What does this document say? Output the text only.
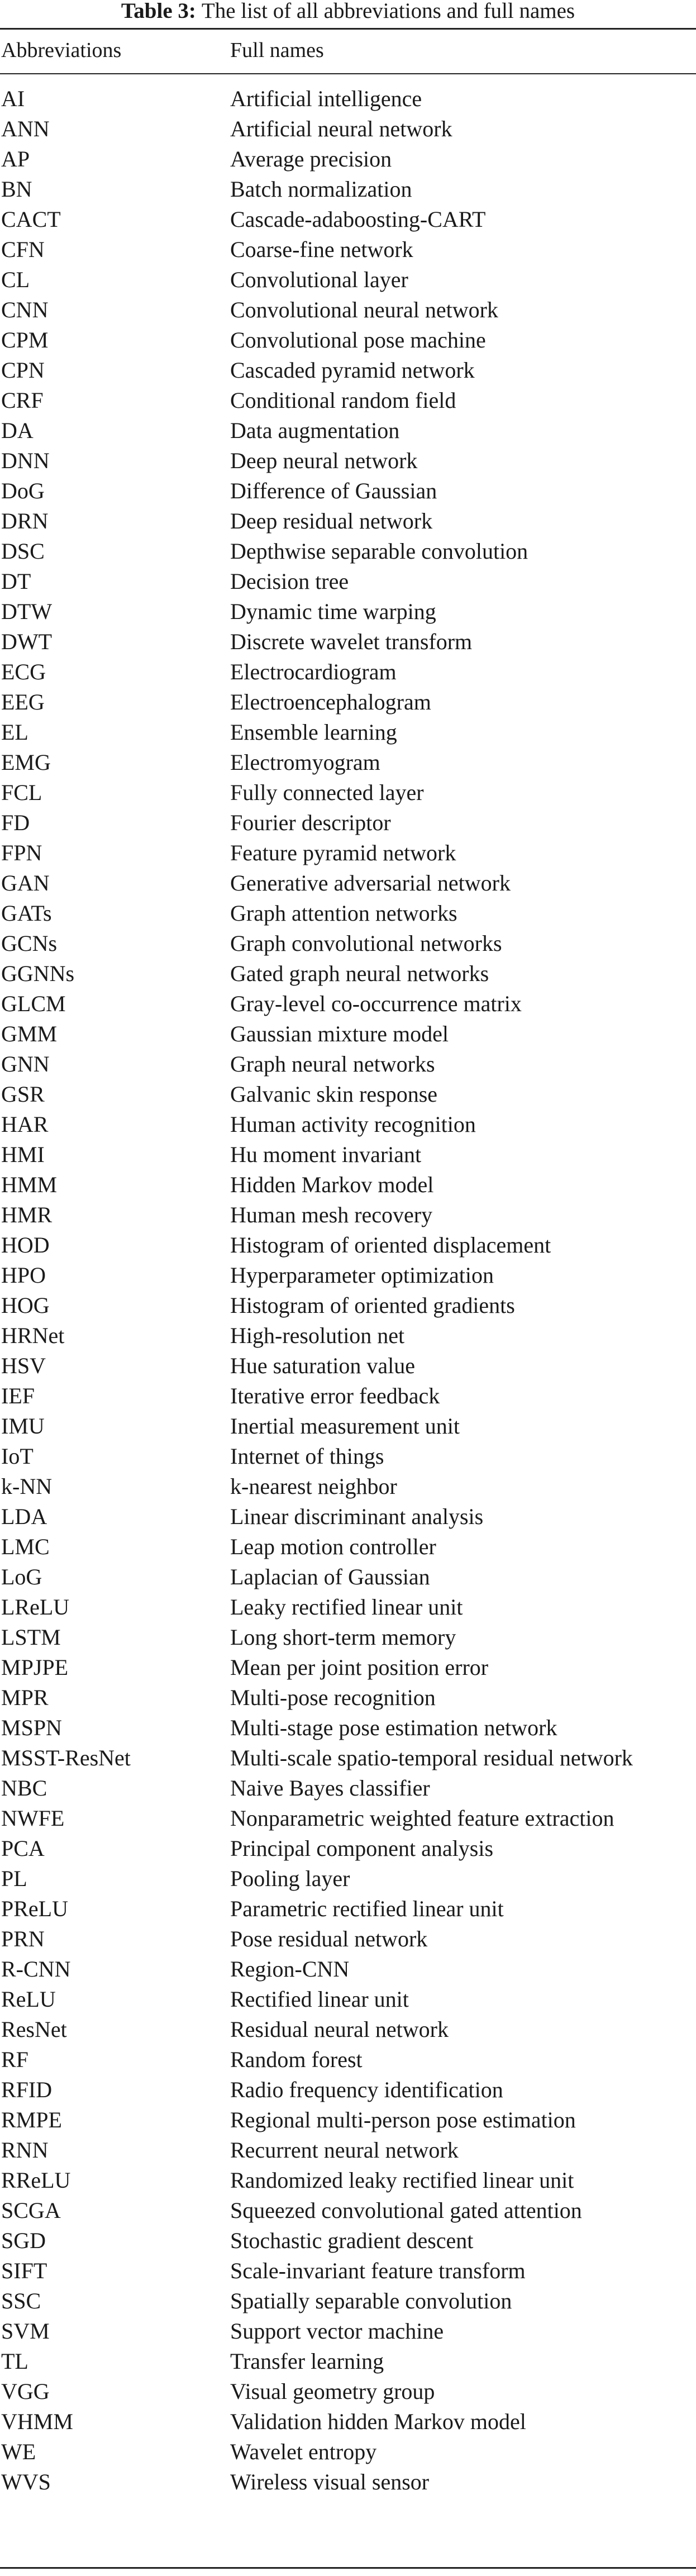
Table 3: The list of all abbreviations and full names
Abbreviations	Full names
AI	Artificial intelligence
ANN	Artificial neural network
AP	Average precision
BN	Batch normalization
CACT	Cascade-adaboosting-CART
CFN	Coarse-fine network
CL	Convolutional layer
CNN	Convolutional neural network
CPM	Convolutional pose machine
CPN	Cascaded pyramid network
CRF	Conditional random field
DA	Data augmentation
DNN	Deep neural network
DoG	Difference of Gaussian
DRN	Deep residual network
DSC	Depthwise separable convolution
DT	Decision tree
DTW	Dynamic time warping
DWT	Discrete wavelet transform
ECG	Electrocardiogram
EEG	Electroencephalogram
EL	Ensemble learning
EMG	Electromyogram
FCL	Fully connected layer
FD	Fourier descriptor
FPN	Feature pyramid network
GAN	Generative adversarial network
GATs	Graph attention networks
GCNs	Graph convolutional networks
GGNNs	Gated graph neural networks
GLCM	Gray-level co-occurrence matrix
GMM	Gaussian mixture model
GNN	Graph neural networks
GSR	Galvanic skin response
HAR	Human activity recognition
HMI	Hu moment invariant
HMM	Hidden Markov model
HMR	Human mesh recovery
HOD	Histogram of oriented displacement
HPO	Hyperparameter optimization
HOG	Histogram of oriented gradients
HRNet	High-resolution net
HSV	Hue saturation value
IEF	Iterative error feedback
IMU	Inertial measurement unit
IoT	Internet of things
k-NN	k-nearest neighbor
LDA	Linear discriminant analysis
LMC	Leap motion controller
LoG	Laplacian of Gaussian
LReLU	Leaky rectified linear unit
LSTM	Long short-term memory
MPJPE	Mean per joint position error
MPR	Multi-pose recognition
MSPN	Multi-stage pose estimation network
MSST-ResNet	Multi-scale spatio-temporal residual network
NBC	Naive Bayes classifier
NWFE	Nonparametric weighted feature extraction
PCA	Principal component analysis
PL	Pooling layer
PReLU	Parametric rectified linear unit
PRN	Pose residual network
R-CNN	Region-CNN
ReLU	Rectified linear unit
ResNet	Residual neural network
RF	Random forest
RFID	Radio frequency identification
RMPE	Regional multi-person pose estimation
RNN	Recurrent neural network
RReLU	Randomized leaky rectified linear unit
SCGA	Squeezed convolutional gated attention
SGD	Stochastic gradient descent
SIFT	Scale-invariant feature transform
SSC	Spatially separable convolution
SVM	Support vector machine
TL	Transfer learning
VGG	Visual geometry group
VHMM	Validation hidden Markov model
WE	Wavelet entropy
WVS	Wireless visual sensor
